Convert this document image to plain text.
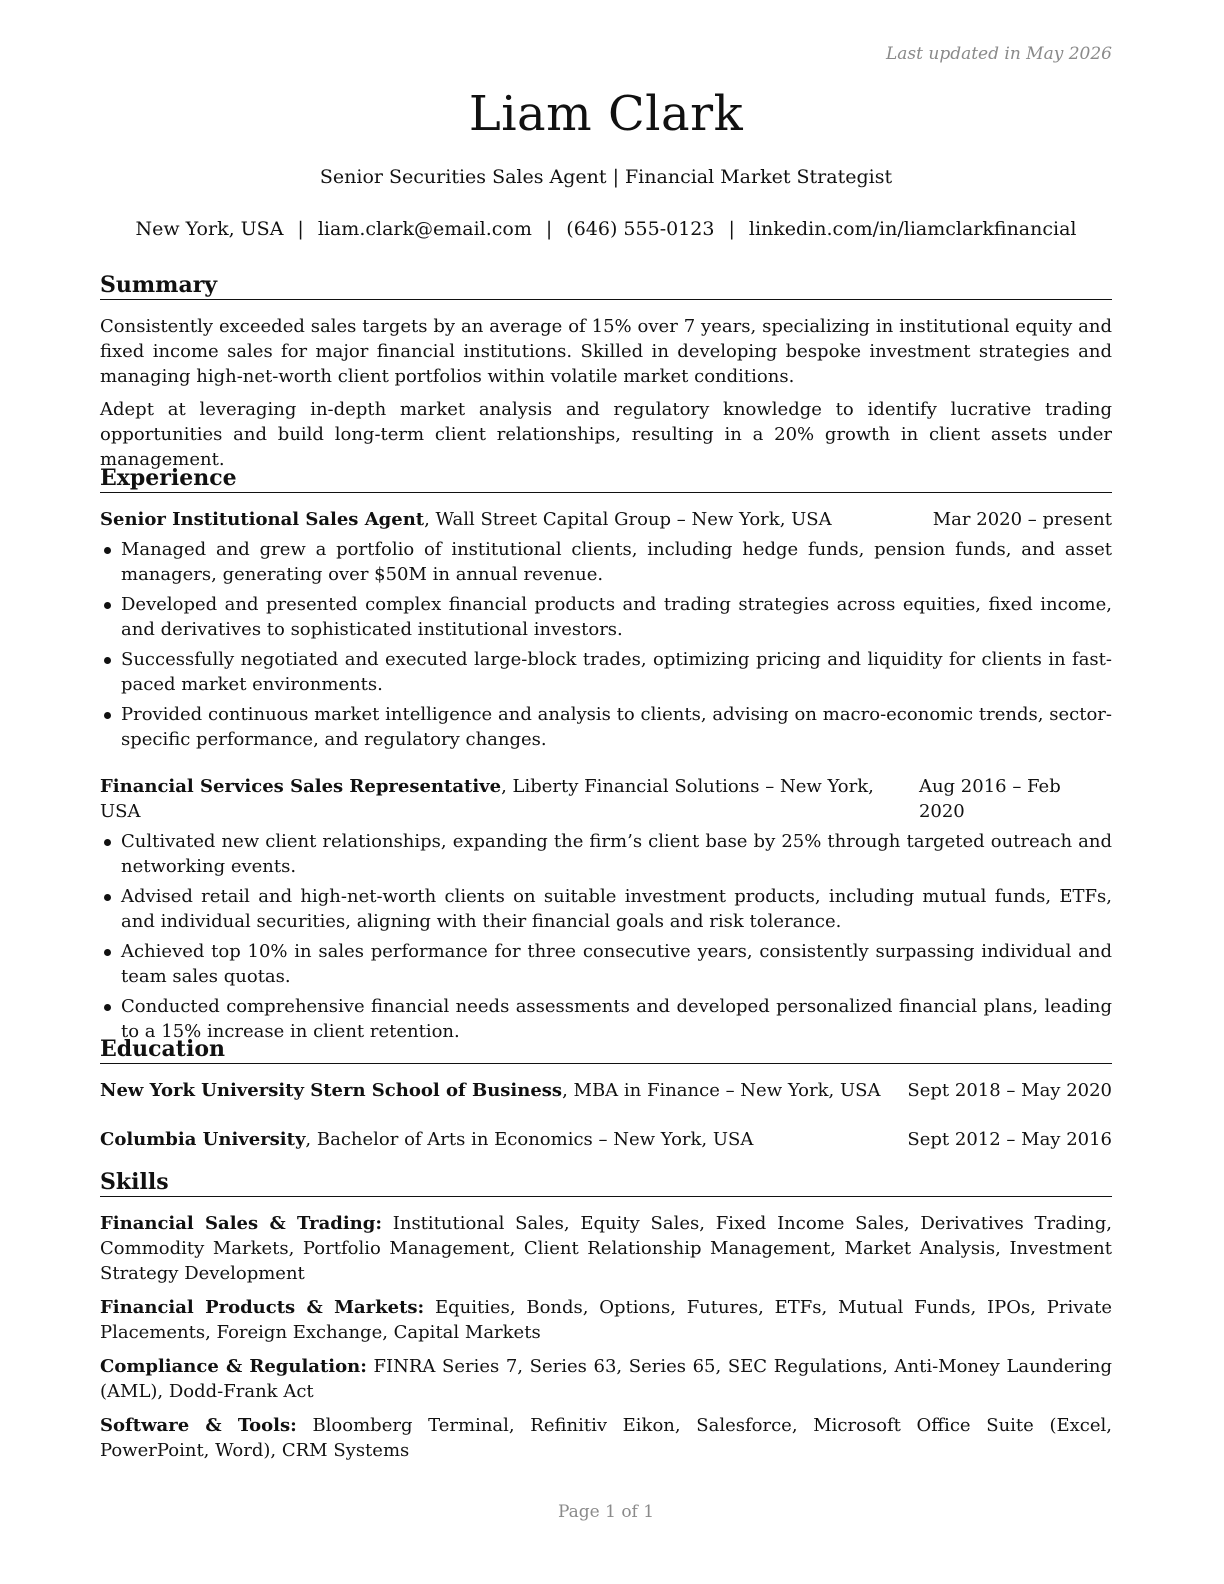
Last updated in May 2026
Liam Clark
Senior Securities Sales Agent | Financial Market Strategist
New York, USA | liam.clark@email.com | (646) 555-0123 | linkedin.com/in/liamclarkfinancial
Summary

Consistently exceeded sales targets by an average of 15% over 7 years, specializing in institutional equity and fixed income sales for major financial institutions. Skilled in developing bespoke investment strategies and managing high-net-worth client portfolios within volatile market conditions.

Adept at leveraging in-depth market analysis and regulatory knowledge to identify lucrative trading opportunities and build long-term client relationships, resulting in a 20% growth in client assets under management.

Experience
Senior Institutional Sales Agent, Wall Street Capital Group – New York, USA	Mar 2020 – present
Managed and grew a portfolio of institutional clients, including hedge funds, pension funds, and asset managers, generating over $50M in annual revenue.
Developed and presented complex financial products and trading strategies across equities, fixed income, and derivatives to sophisticated institutional investors.
Successfully negotiated and executed large-block trades, optimizing pricing and liquidity for clients in fast-paced market environments.
Provided continuous market intelligence and analysis to clients, advising on macro-economic trends, sector-specific performance, and regulatory changes.
Financial Services Sales Representative, Liberty Financial Solutions – New York, USA
Aug 2016 – Feb 2020
Cultivated new client relationships, expanding the firm’s client base by 25% through targeted outreach and networking events.
Advised retail and high-net-worth clients on suitable investment products, including mutual funds, ETFs, and individual securities, aligning with their financial goals and risk tolerance.
Achieved top 10% in sales performance for three consecutive years, consistently surpassing individual and team sales quotas.
Conducted comprehensive financial needs assessments and developed personalized financial plans, leading to a 15% increase in client retention.
Education
New York University Stern School of Business, MBA in Finance – New York, USA Sept 2018 – May 2020
Columbia University, Bachelor of Arts in Economics – New York, USA	Sept 2012 – May 2016
Skills

Financial Sales & Trading: Institutional Sales, Equity Sales, Fixed Income Sales, Derivatives Trading, Commodity Markets, Portfolio Management, Client Relationship Management, Market Analysis, Investment Strategy Development

Financial Products & Markets: Equities, Bonds, Options, Futures, ETFs, Mutual Funds, IPOs, Private Placements, Foreign Exchange, Capital Markets

Compliance & Regulation: FINRA Series 7, Series 63, Series 65, SEC Regulations, Anti-Money Laundering (AML), Dodd-Frank Act

Software & Tools: Bloomberg Terminal, Refinitiv Eikon, Salesforce, Microsoft Office Suite (Excel, PowerPoint, Word), CRM Systems

Page 1 of 1
